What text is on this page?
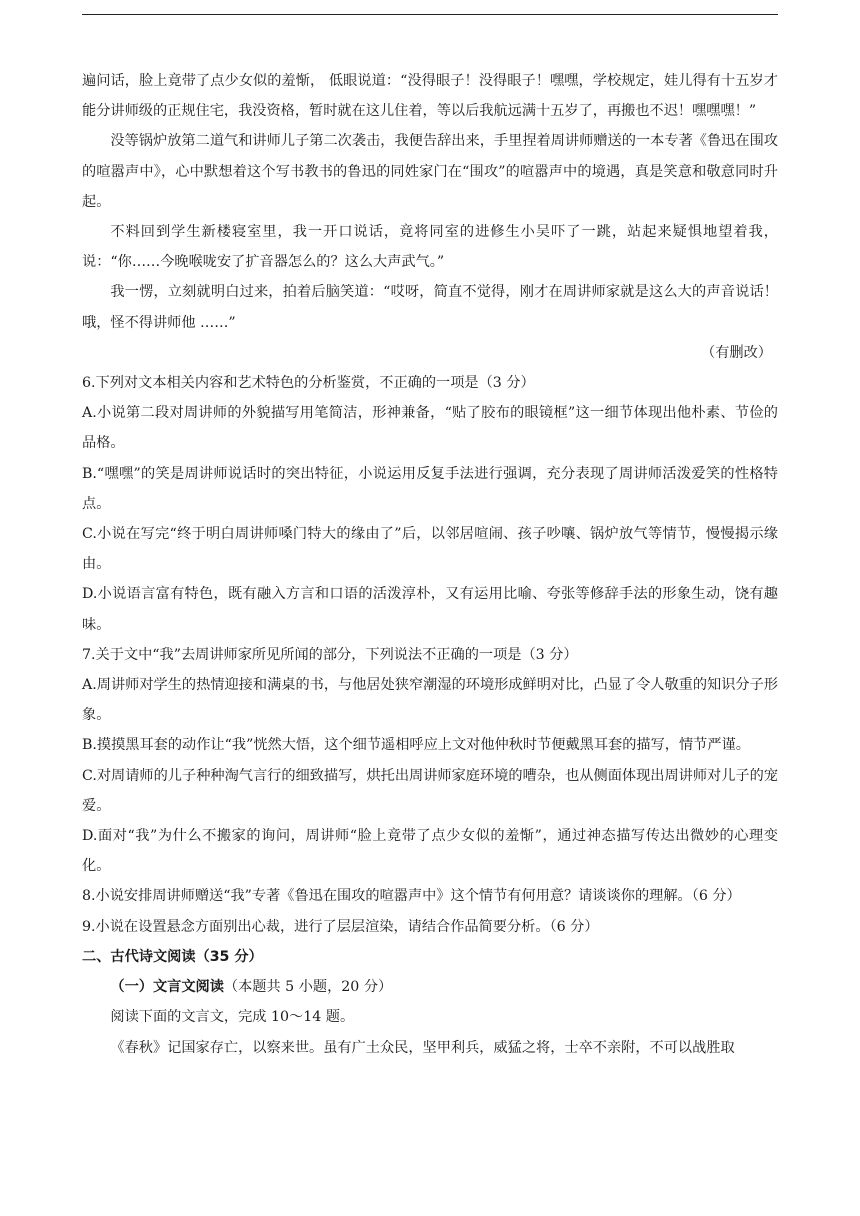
遍问话，脸上竟带了点少女似的羞惭， 低眼说道：“没得眼子！没得眼子！嘿嘿，学校规定，娃儿得有十五岁才能分讲师级的正规住宅，我没资格，暂时就在这儿住着，等以后我航远满十五岁了，再搬也不迟！嘿嘿嘿！”

没等锅炉放第二道气和讲师儿子第二次袭击，我便告辞出来，手里捏着周讲师赠送的一本专著《鲁迅在围攻的喧嚣声中》，心中默想着这个写书教书的鲁迅的同姓家门在“围攻”的喧嚣声中的境遇，真是笑意和敬意同时升起。

不料回到学生新楼寝室里，我一开口说话，竟将同室的进修生小吴吓了一跳，站起来疑惧地望着我，说：“你……今晚喉咙安了扩音器怎么的？这么大声武气。”

我一愣，立刻就明白过来，拍着后脑笑道：“哎呀，简直不觉得，刚才在周讲师家就是这么大的声音说话！哦，怪不得讲师他 ……”

（有删改）

6.下列对文本相关内容和艺术特色的分析鉴赏，不正确的一项是（3 分）

A.小说第二段对周讲师的外貌描写用笔简洁，形神兼备，“贴了胶布的眼镜框”这一细节体现出他朴素、节俭的品格。

B.“嘿嘿”的笑是周讲师说话时的突出特征，小说运用反复手法进行强调，充分表现了周讲师活泼爱笑的性格特点。

C.小说在写完“终于明白周讲师嗓门特大的缘由了”后，以邻居喧闹、孩子吵嚷、锅炉放气等情节，慢慢揭示缘由。

D.小说语言富有特色，既有融入方言和口语的活泼淳朴，又有运用比喻、夸张等修辞手法的形象生动，饶有趣味。

7.关于文中“我”去周讲师家所见所闻的部分，下列说法不正确的一项是（3 分）

A.周讲师对学生的热情迎接和满桌的书，与他居处狭窄潮湿的环境形成鲜明对比，凸显了令人敬重的知识分子形象。

B.摸摸黑耳套的动作让“我”恍然大悟，这个细节遥相呼应上文对他仲秋时节便戴黑耳套的描写，情节严谨。

C.对周请师的儿子种种淘气言行的细致描写，烘托出周讲师家庭环境的嘈杂，也从侧面体现出周讲师对儿子的宠爱。

D.面对“我”为什么不搬家的询问，周讲师“脸上竟带了点少女似的羞惭”，通过神态描写传达出微妙的心理变化。

8.小说安排周讲师赠送“我”专著《鲁迅在围攻的喧嚣声中》这个情节有何用意？请谈谈你的理解。（6 分）

9.小说在设置悬念方面别出心裁，进行了层层渲染，请结合作品简要分析。（6 分）

二、古代诗文阅读（35 分）

（一）文言文阅读（本题共 5 小题，20 分）

阅读下面的文言文，完成 10～14 题。

《春秋》记国家存亡，以察来世。虽有广土众民，坚甲利兵，威猛之将，士卒不亲附，不可以战胜取
